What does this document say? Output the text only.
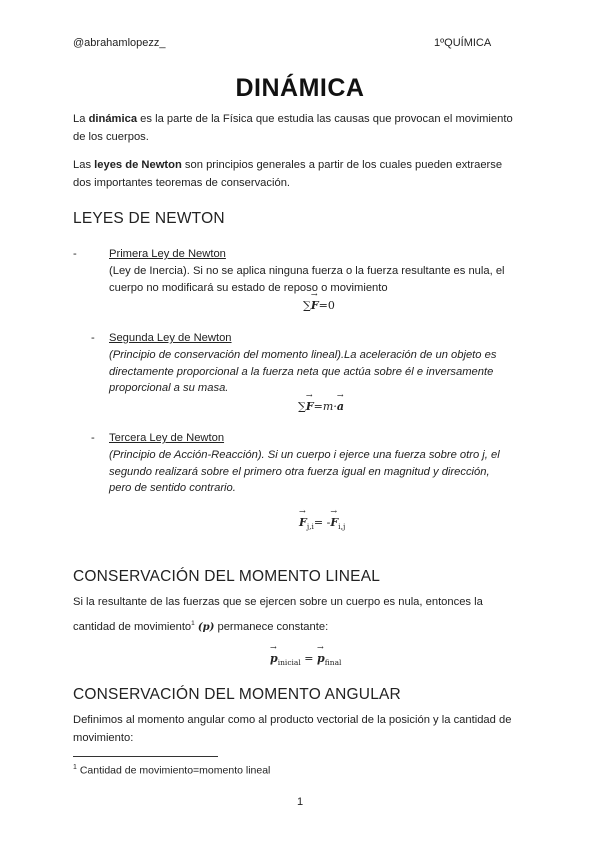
@abrahamlopezz_	1ºQUÍMICA
DINÁMICA
La dinámica es la parte de la Física que estudia las causas que provocan el movimiento de los cuerpos.
Las leyes de Newton son principios generales a partir de los cuales pueden extraerse dos importantes teoremas de conservación.
LEYES DE NEWTON
-	Primera Ley de Newton
(Ley de Inercia). Si no se aplica ninguna fuerza o la fuerza resultante es nula, el cuerpo no modificará su estado de reposo o movimiento
∑→ F=0
- Segunda Ley de Newton
(Principio de conservación del momento lineal).La aceleración de un objeto es directamente proporcional a la fuerza neta que actúa sobre él e inversamente proporcional a su masa.
∑→ F=m·→ a
- Tercera Ley de Newton
(Principio de Acción-Reacción). Si un cuerpo i ejerce una fuerza sobre otro j, el segundo realizará sobre el primero otra fuerza igual en magnitud y dirección, pero de sentido contrario.
→ $F_{j,i}= -\to F_{i,j}$
CONSERVACIÓN DEL MOMENTO LINEAL
Si la resultante de las fuerzas que se ejercen sobre un cuerpo es nula, entonces la cantidad de movimiento$^1$ (p) permanece constante:
→ $p_{inicial}$ = → $p_{final}$
CONSERVACIÓN DEL MOMENTO ANGULAR
Definimos al momento angular como al producto vectorial de la posición y la cantidad de movimiento:
$^1$ Cantidad de movimiento=momento lineal
1
